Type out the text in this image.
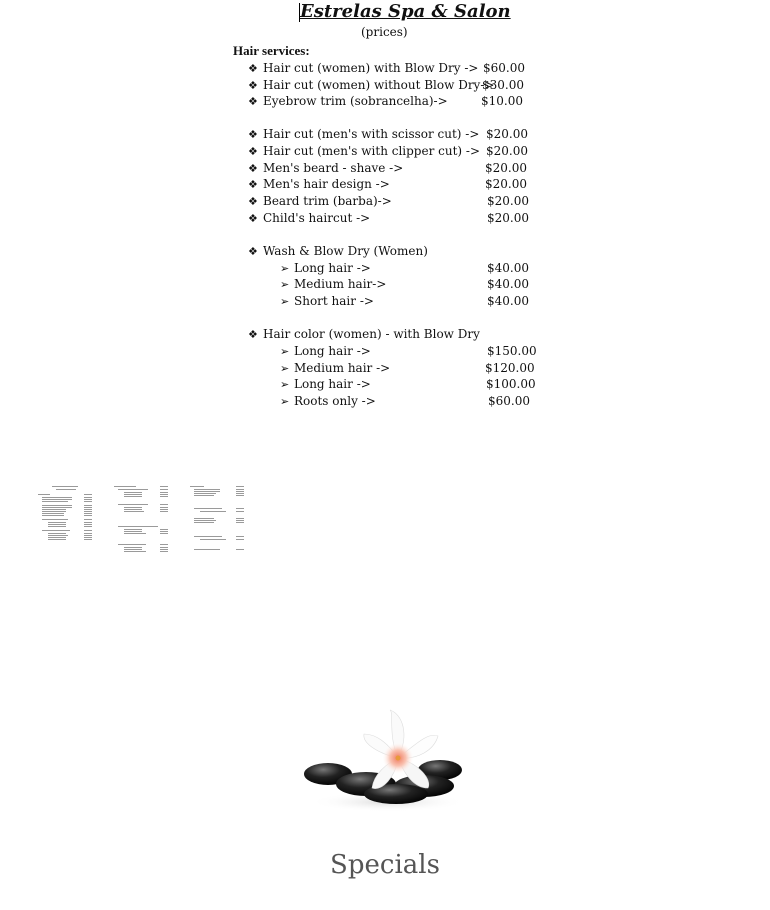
Estrelas Spa & Salon
(prices)
Hair services:
❖ Hair cut (women) with Blow Dry -> $60.00
❖ Hair cut (women) without Blow Dry->
$30.00
❖ Eyebrow trim (sobrancelha)->	$10.00
❖ Hair cut (men's with scissor cut) -> $20.00
❖ Hair cut (men's with clipper cut) -> $20.00
❖ Men's beard - shave ->	$20.00
❖ Men's hair design ->	$20.00
❖ Beard trim (barba)->	$20.00
❖ Child's haircut ->	$20.00
❖ Wash & Blow Dry (Women)
➢ Long hair ->	$40.00
➢ Medium hair->	$40.00
➢ Short hair ->	$40.00
❖ Hair color (women) - with Blow Dry
➢ Long hair ->	$150.00
➢ Medium hair ->	$120.00
➢ Long hair ->	$100.00
➢ Roots only ->	$60.00
Specials
